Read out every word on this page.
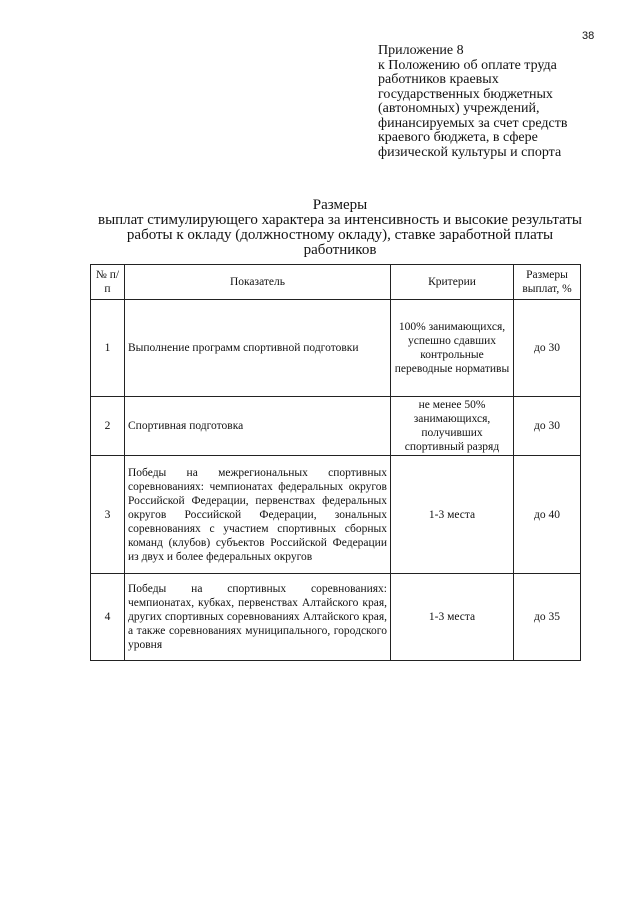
38
Приложение 8
к Положению об оплате труда
работников краевых
государственных бюджетных
(автономных) учреждений,
финансируемых за счет средств
краевого бюджета, в сфере
физической культуры и спорта
Размеры
выплат стимулирующего характера за интенсивность и высокие результаты
работы к окладу (должностному окладу), ставке заработной платы
работников
№ п/п	Показатель	Критерии	Размеры выплат, %
1	Выполнение программ спортивной подготовки	100% занимающихся, успешно сдавших контрольные переводные нормативы	до 30
2	Спортивная подготовка	не менее 50% занимающихся, получивших спортивный разряд	до 30
3	Победы на межрегиональных спортивных соревнованиях: чемпионатах федеральных округов Российской Федерации, первенствах федеральных округов Российской Федерации, зональных соревнованиях с участием спортивных сборных команд (клубов) субъектов Российской Федерации из двух и более федеральных округов	1-3 места	до 40
4	Победы на спортивных соревнованиях: чемпионатах, кубках, первенствах Алтайского края, других спортивных соревнованиях Алтайского края, а также соревнованиях муниципального, городского уровня	1-3 места	до 35
